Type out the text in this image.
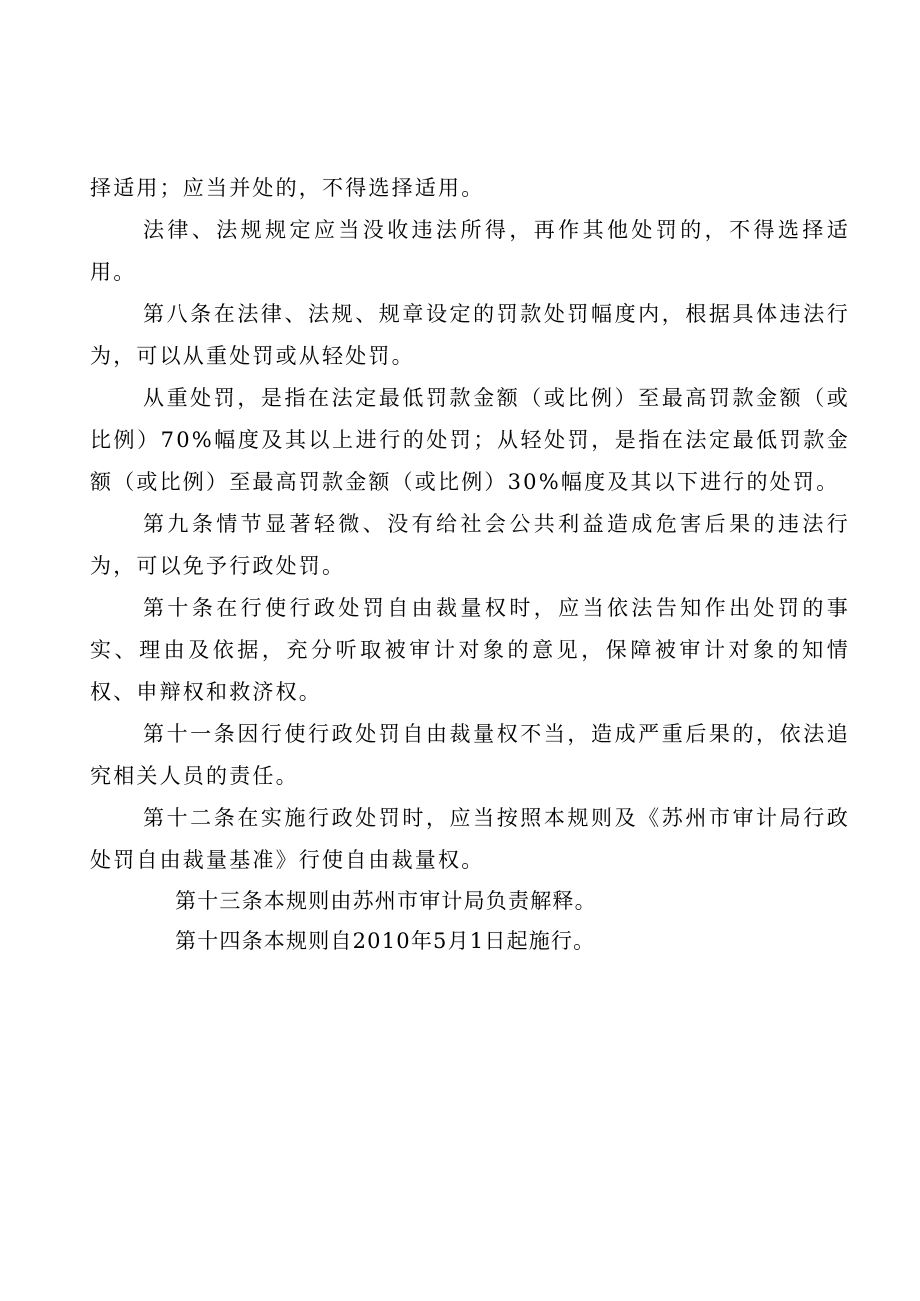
择适用；应当并处的，不得选择适用。

法律、法规规定应当没收违法所得，再作其他处罚的，不得选择适用。

第八条在法律、法规、规章设定的罚款处罚幅度内，根据具体违法行为，可以从重处罚或从轻处罚。

从重处罚，是指在法定最低罚款金额（或比例）至最高罚款金额（或比例）70%幅度及其以上进行的处罚；从轻处罚，是指在法定最低罚款金额（或比例）至最高罚款金额（或比例）30%幅度及其以下进行的处罚。

第九条情节显著轻微、没有给社会公共利益造成危害后果的违法行为，可以免予行政处罚。

第十条在行使行政处罚自由裁量权时，应当依法告知作出处罚的事实、理由及依据，充分听取被审计对象的意见，保障被审计对象的知情权、申辩权和救济权。

第十一条因行使行政处罚自由裁量权不当，造成严重后果的，依法追究相关人员的责任。

第十二条在实施行政处罚时，应当按照本规则及《苏州市审计局行政处罚自由裁量基准》行使自由裁量权。

第十三条本规则由苏州市审计局负责解释。

第十四条本规则自2010年5月1日起施行。
